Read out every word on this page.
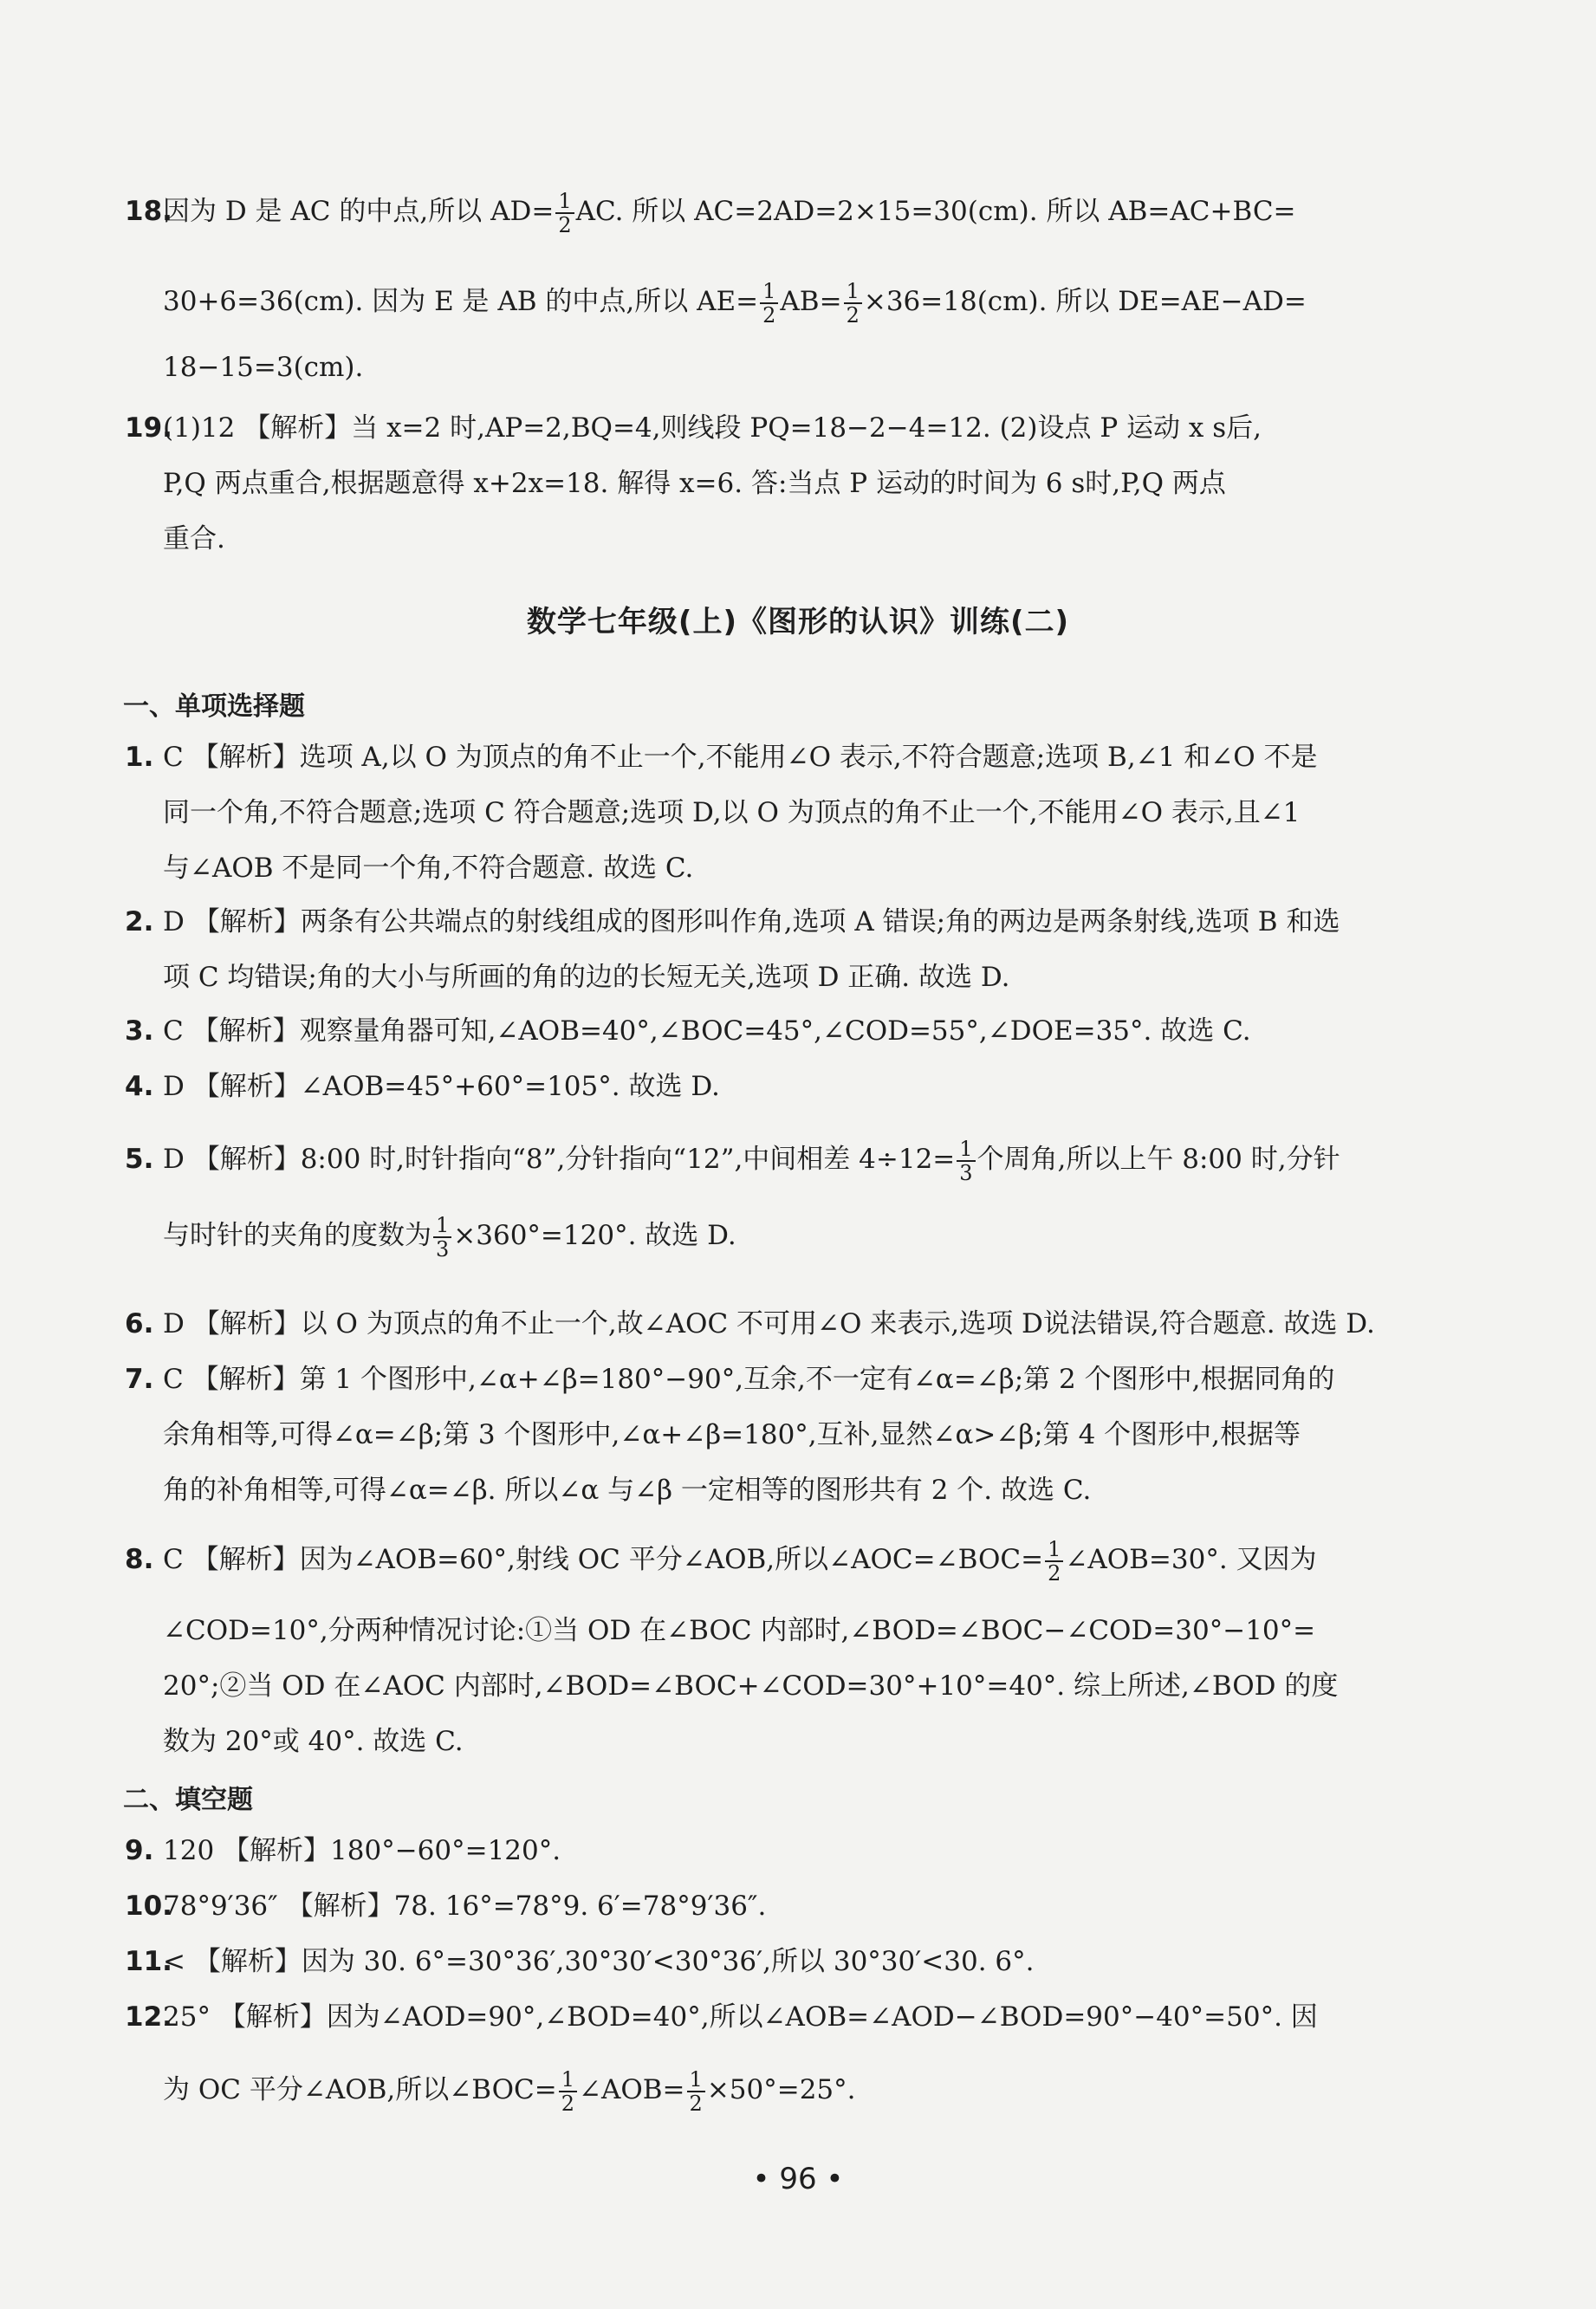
18.
因为 D 是 AC 的中点,所以 $AD= \frac{1}{2}$ AC. 所以 AC=2AD=2×15=30(cm). 所以 AB=AC+BC=
30+6=36(cm). 因为 E 是 AB 的中点,所以 $AE= \frac{1}{2} AB= \frac{1}{2} \times 36=18(cm)$. 所以 DE=AE−AD=
18−15=3(cm).
19.
(1)12 【解析】当 x=2 时,AP=2,BQ=4,则线段 PQ=18−2−4=12. (2)设点 P 运动 x s后,
P,Q 两点重合,根据题意得 x+2x=18. 解得 x=6. 答:当点 P 运动的时间为 6 s时,P,Q 两点
重合.
数学七年级(上)《图形的认识》训练(二)
一、单项选择题
1. C 【解析】选项 A,以 O 为顶点的角不止一个,不能用∠O 表示,不符合题意;选项 B,∠1 和∠O 不是
同一个角,不符合题意;选项 C 符合题意;选项 D,以 O 为顶点的角不止一个,不能用∠O 表示,且∠1
与∠AOB 不是同一个角,不符合题意. 故选 C.
2. D 【解析】两条有公共端点的射线组成的图形叫作角,选项 A 错误;角的两边是两条射线,选项 B 和选
项 C 均错误;角的大小与所画的角的边的长短无关,选项 D 正确. 故选 D.
3. C 【解析】观察量角器可知,∠AOB=40°,∠BOC=45°,∠COD=55°,∠DOE=35°. 故选 C.
4. D 【解析】∠AOB=45°+60°=105°. 故选 D.
5. D 【解析】8:00 时,时针指向“8”,分针指向“12”,中间相差 $4\div 12= \frac{1}{3}$ 个周角,所以上午 8:00 时,分针
与时针的夹角的度数为 $\frac{1}{3} \times 360^\circ=120^\circ$. 故选 D.
6. D 【解析】以 O 为顶点的角不止一个,故∠AOC 不可用∠O 来表示,选项 D说法错误,符合题意. 故选 D.
7. C 【解析】第 1 个图形中,∠α+∠β=180°−90°,互余,不一定有∠α=∠β;第 2 个图形中,根据同角的
余角相等,可得∠α=∠β;第 3 个图形中,∠α+∠β=180°,互补,显然∠α>∠β;第 4 个图形中,根据等
角的补角相等,可得∠α=∠β. 所以∠α 与∠β 一定相等的图形共有 2 个. 故选 C.
8. C 【解析】因为∠AOB=60°,射线 OC 平分∠AOB,所以∠AOC=∠BOC= $\frac{1}{2}$ ∠AOB=30°. 又因为
∠COD=10°,分两种情况讨论:①当 OD 在∠BOC 内部时,∠BOD=∠BOC−∠COD=30°−10°=
20°;②当 OD 在∠AOC 内部时,∠BOD=∠BOC+∠COD=30°+10°=40°. 综上所述,∠BOD 的度
数为 20°或 40°. 故选 C.
二、填空题
9. 120 【解析】180°−60°=120°.
10.
78°9′36″ 【解析】78. 16°=78°9. 6′=78°9′36″.
11.
< 【解析】因为 30. 6°=30°36′,30°30′<30°36′,所以 30°30′<30. 6°.
12.
25° 【解析】因为∠AOD=90°,∠BOD=40°,所以∠AOB=∠AOD−∠BOD=90°−40°=50°. 因
为 OC 平分∠AOB,所以∠BOC= $\frac{1}{2}$ ∠AOB= $\frac{1}{2} \times 50^\circ=25^\circ$.
• 96 •
